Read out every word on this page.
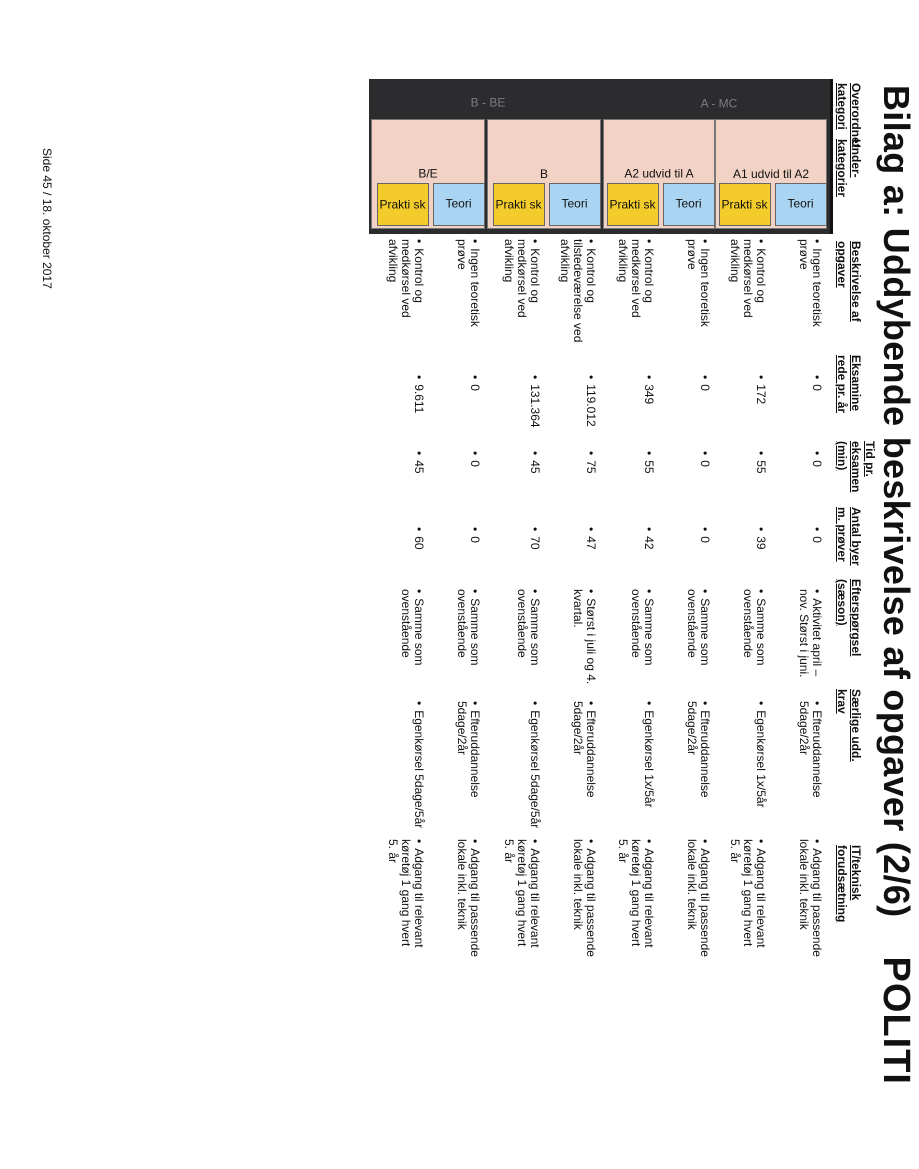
Bilag a: Uddybende beskrivelse af opgaver (2/6)
POLITI
Overordnet kategori
Under-kategorier
Beskrivelse af opgaver
Eksamine rede pr. år
Tid pr. eksamen (min)
Antal byer m. prøver
Efterspørgsel (sæson)
Særlige udd. krav
IT/teknisk forudsætning
A - MC
B - BE
A1 udvid til A2
A2 udvid til A
B
B/E
Teori
•Ingen teoretisk prøve
•0
•0
•0
•Aktivitet april – nov. Størst i juni.
•Efteruddannelse 5dage/2år
•Adgang til passende lokale inkl. teknik
Prakti sk
•Kontrol og medkørsel ved afvikling
•172
•55
•39
•Samme som ovenstående
•Egenkørsel 1x/5år
•Adgang til relevant køretøj 1 gang hvert 5. år
Teori
•Ingen teoretisk prøve
•0
•0
•0
•Samme som ovenstående
•Efteruddannelse 5dage/2år
•Adgang til passende lokale inkl. teknik
Prakti sk
•Kontrol og medkørsel ved afvikling
•349
•55
•42
•Samme som ovenstående
•Egenkørsel 1x/5år
•Adgang til relevant køretøj 1 gang hvert 5. år
Teori
•Kontrol og tilstedeværelse ved afvikling
•119.012
•75
•47
•Størst i juli og 4. kvartal.
•Efteruddannelse 5dage/2år
•Adgang til passende lokale inkl. teknik
Prakti sk
•Kontrol og medkørsel ved afvikling
•131.364
•45
•70
•Samme som ovenstående
•Egenkørsel 5dage/5år
•Adgang til relevant køretøj 1 gang hvert 5. år
Teori
•Ingen teoretisk prøve
•0
•0
•0
•Samme som ovenstående
•Efteruddannelse 5dage/2år
•Adgang til passende lokale inkl. teknik
Prakti sk
•Kontrol og medkørsel ved afvikling
•9.611
•45
•60
•Samme som ovenstående
•Egenkørsel 5dage/5år
•Adgang til relevant køretøj 1 gang hvert 5. år
Side 45 / 18. oktober 2017
